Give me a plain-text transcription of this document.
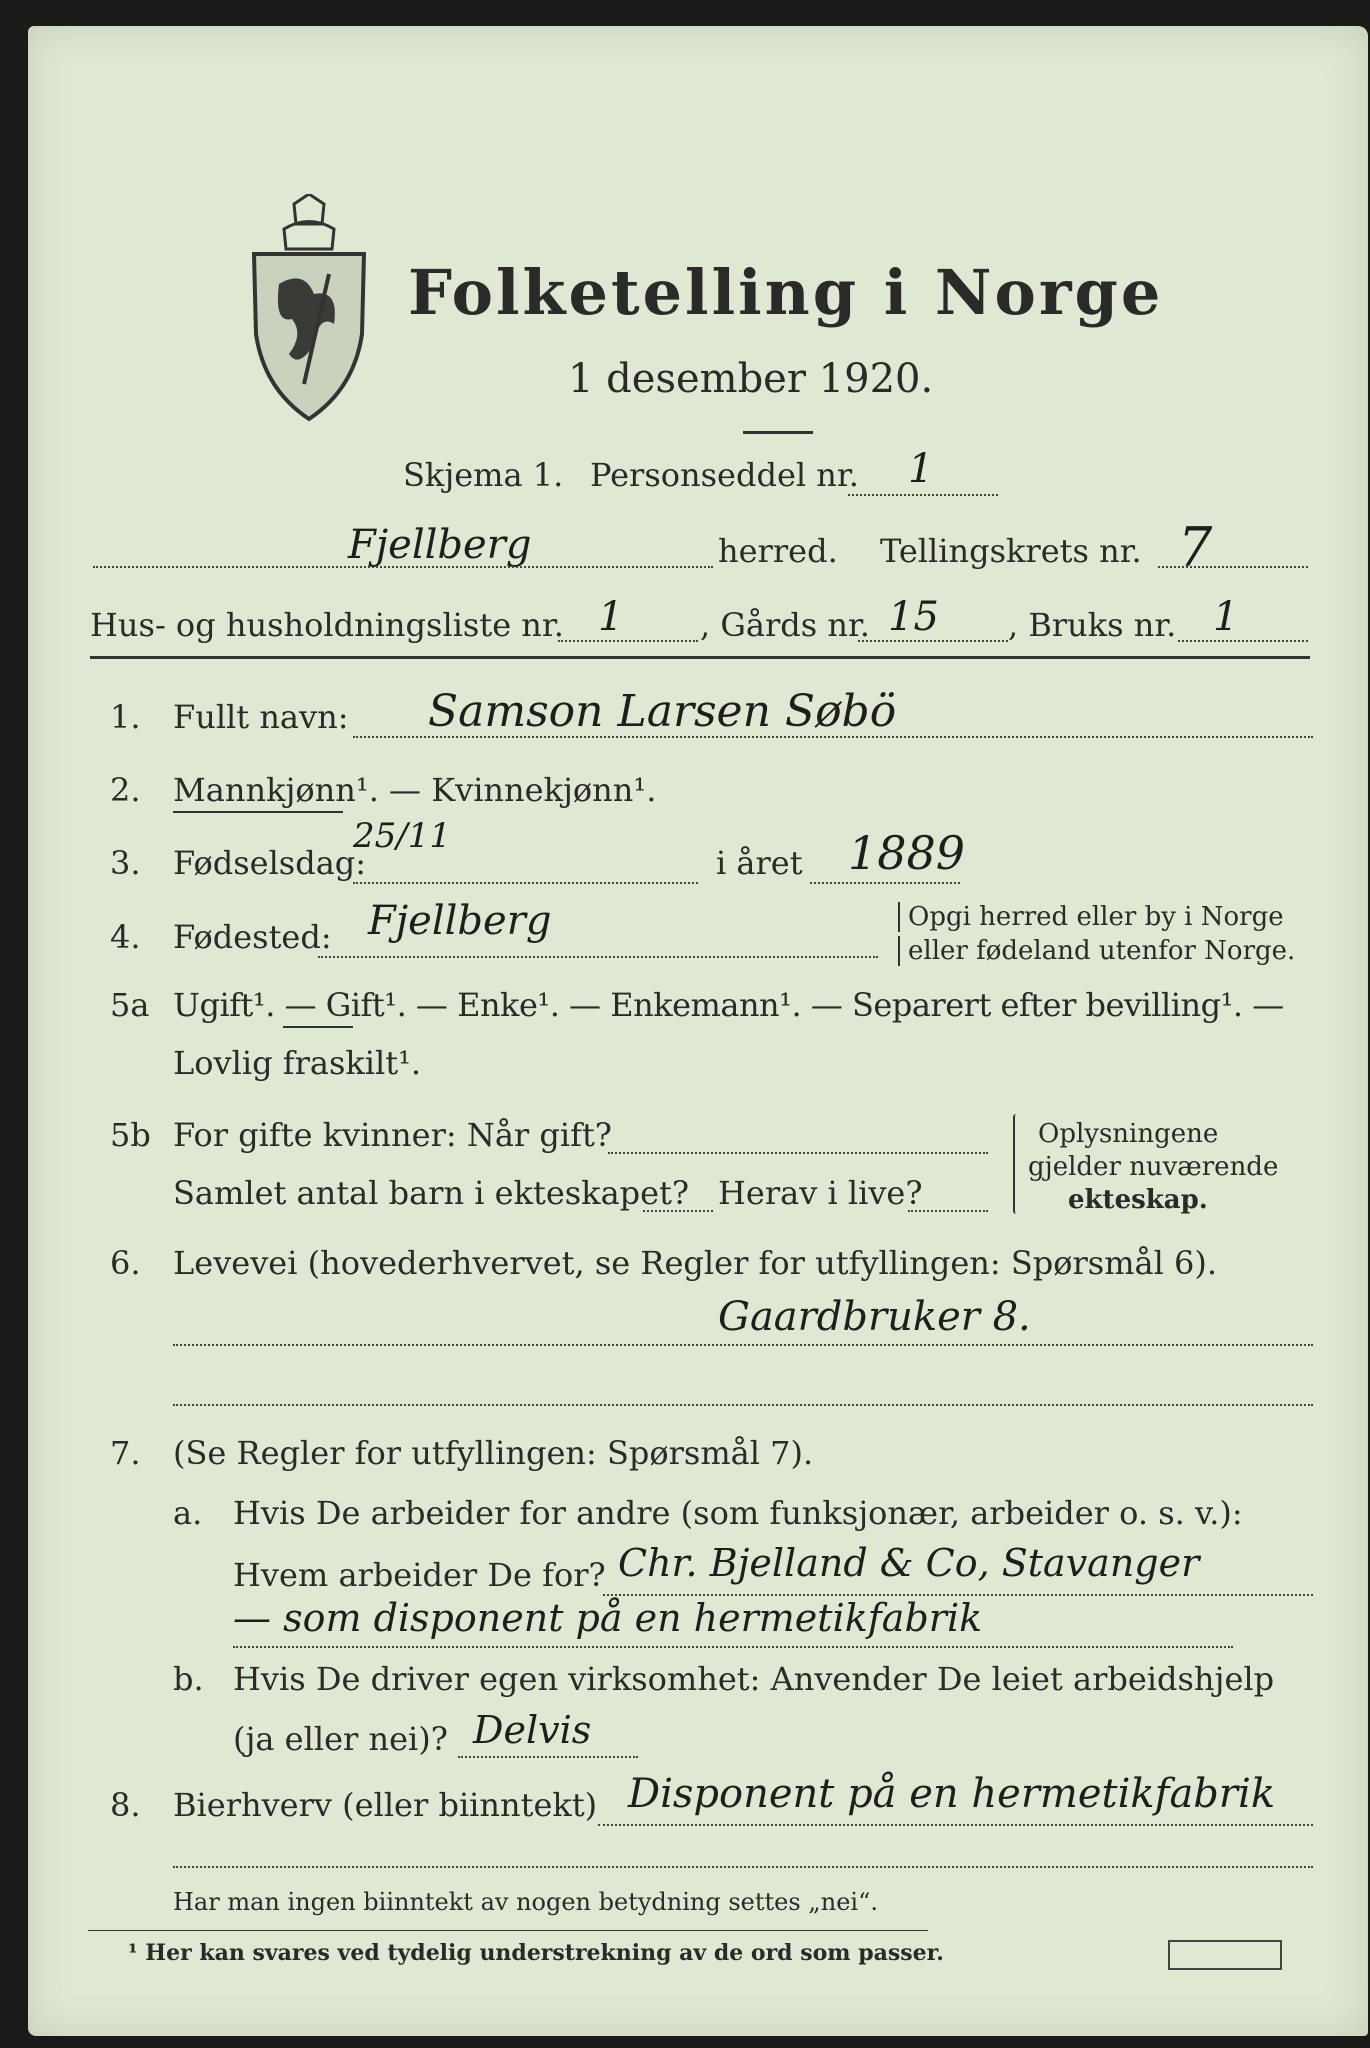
Folketelling i Norge
1 desember 1920.
Skjema 1. Personseddel nr. 1
Fjellberg	herred. Tellingskrets nr. 7
Hus- og husholdningsliste nr. 1 , Gårds nr. 15 , Bruks nr. 1
1. Fullt navn: Samson Larsen Søbö
2. Mannkjønn¹. — Kvinnekjønn¹.
3. Fødselsdag:
25/11
i året 1889
4. Fødested: Fjellberg	Opgi herred eller by i Norge
eller fødeland utenfor Norge.
5a Ugift¹. — Gift¹. — Enke¹. — Enkemann¹. — Separert efter bevilling¹. —
Lovlig fraskilt¹.
5b For gifte kvinner: Når gift?
Samlet antal barn i ekteskapet? Herav i live?
Oplysningene
gjelder nuværende
ekteskap.
6. Levevei (hovederhvervet, se Regler for utfyllingen: Spørsmål 6).
Gaardbruker 8.
7. (Se Regler for utfyllingen: Spørsmål 7).
a. Hvis De arbeider for andre (som funksjonær, arbeider o. s. v.):
Hvem arbeider De for? Chr. Bjelland & Co, Stavanger
— som disponent på en hermetikfabrik
b. Hvis De driver egen virksomhet: Anvender De leiet arbeidshjelp
(ja eller nei)? Delvis
8. Bierhverv (eller biinntekt) Disponent på en hermetikfabrik
Har man ingen biinntekt av nogen betydning settes „nei“.
¹ Her kan svares ved tydelig understrekning av de ord som passer.
